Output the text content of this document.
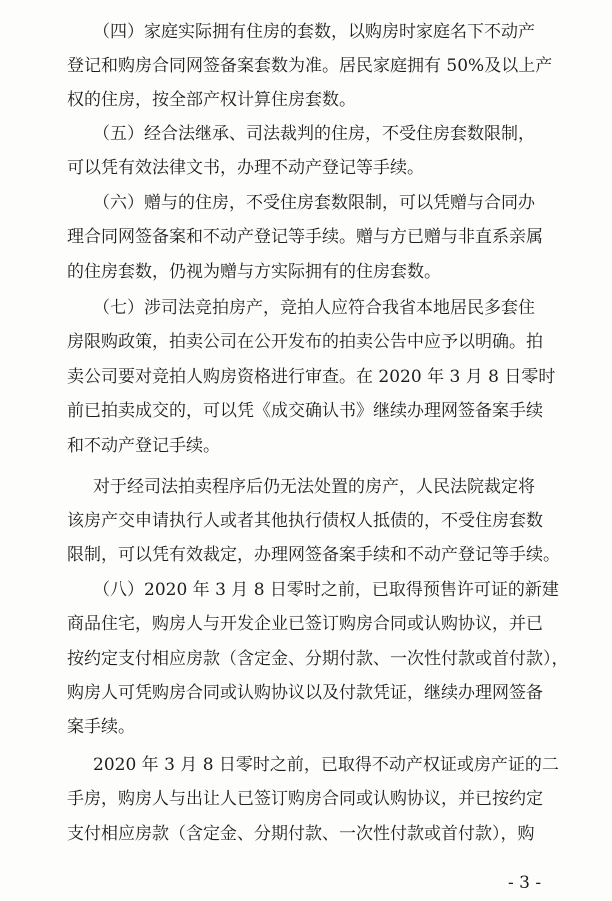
（四）家庭实际拥有住房的套数，以购房时家庭名下不动产
登记和购房合同网签备案套数为准。居民家庭拥有 50%及以上产
权的住房，按全部产权计算住房套数。
（五）经合法继承、司法裁判的住房，不受住房套数限制，
可以凭有效法律文书，办理不动产登记等手续。
（六）赠与的住房，不受住房套数限制，可以凭赠与合同办
理合同网签备案和不动产登记等手续。赠与方已赠与非直系亲属
的住房套数，仍视为赠与方实际拥有的住房套数。
（七）涉司法竞拍房产，竞拍人应符合我省本地居民多套住
房限购政策，拍卖公司在公开发布的拍卖公告中应予以明确。拍
卖公司要对竞拍人购房资格进行审查。在 2020 年 3 月 8 日零时
前已拍卖成交的，可以凭《成交确认书》继续办理网签备案手续
和不动产登记手续。
对于经司法拍卖程序后仍无法处置的房产，人民法院裁定将
该房产交申请执行人或者其他执行债权人抵债的，不受住房套数
限制，可以凭有效裁定，办理网签备案手续和不动产登记等手续。
（八）2020 年 3 月 8 日零时之前，已取得预售许可证的新建
商品住宅，购房人与开发企业已签订购房合同或认购协议，并已
按约定支付相应房款（含定金、分期付款、一次性付款或首付款），
购房人可凭购房合同或认购协议以及付款凭证，继续办理网签备
案手续。
2020 年 3 月 8 日零时之前，已取得不动产权证或房产证的二
手房，购房人与出让人已签订购房合同或认购协议，并已按约定
支付相应房款（含定金、分期付款、一次性付款或首付款），购
- 3 -
